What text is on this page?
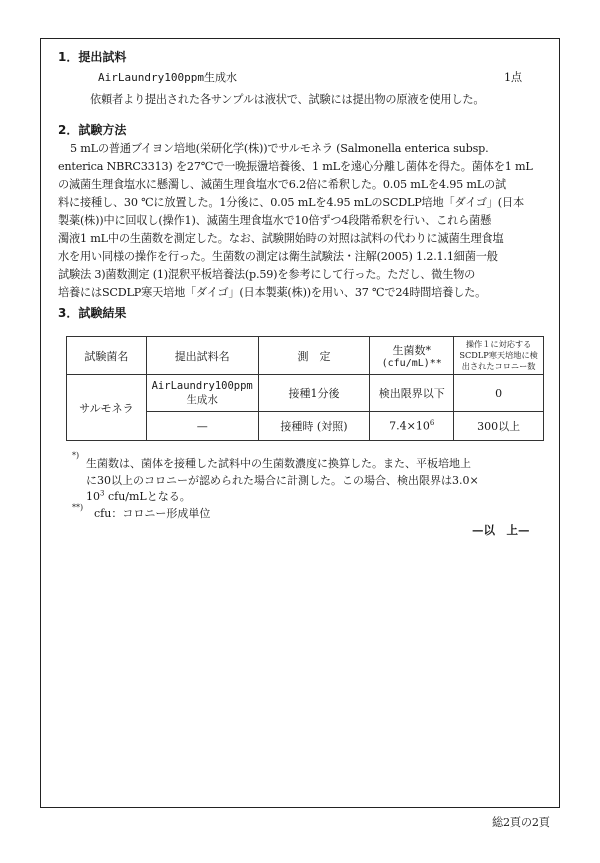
1．提出試料
AirLaundry100ppm生成水	1点
依頼者より提出された各サンプルは液状で、試験には提出物の原液を使用した。
2．試験方法
5 mLの普通ブイヨン培地(栄研化学(株))でサルモネラ (Salmonella enterica subsp.
enterica NBRC3313) を27℃で一晩振盪培養後、1 mLを遠心分離し菌体を得た。菌体を1 mL
の滅菌生理食塩水に懸濁し、滅菌生理食塩水で6.2倍に希釈した。0.05 mLを4.95 mLの試
料に接種し、30 ℃に放置した。1分後に、0.05 mLを4.95 mLのSCDLP培地「ダイゴ」(日本
製薬(株))中に回収し(操作1)、滅菌生理食塩水で10倍ずつ4段階希釈を行い、これら菌懸
濁液1 mL中の生菌数を測定した。なお、試験開始時の対照は試料の代わりに滅菌生理食塩
水を用い同様の操作を行った。生菌数の測定は衛生試験法・注解(2005) 1.2.1.1細菌一般
試験法 3)菌数測定 (1)混釈平板培養法(p.59)を参考にして行った。ただし、微生物の
培養にはSCDLP寒天培地「ダイゴ」(日本製薬(株))を用い、37 ℃で24時間培養した。
3．試験結果
試験菌名	提出試料名	測　定	生菌数*
(cfu/mL)**	操作１に対応するSCDLP寒天培地に検出されたコロニー数
サルモネラ	AirLaundry100ppm生成水	接種1分後	検出限界以下	0
	—	接種時 (対照)	$7.4\times 10^6$	300以上
*)
生菌数は、菌体を接種した試料中の生菌数濃度に換算した。また、平板培地上
に30以上のコロニーが認められた場合に計測した。この場合、検出限界は3.0×
$10^3$ cfu/mLとなる。
**) cfu：コロニー形成単位
—以　上—
総2頁の2頁
